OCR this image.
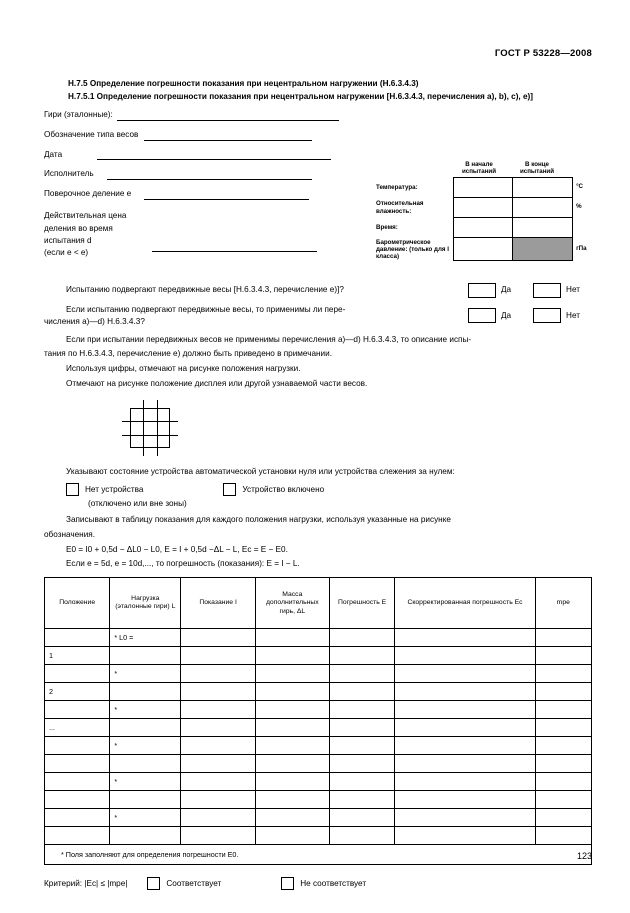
ГОСТ Р 53228—2008
Н.7.5 Определение погрешности показания при нецентральном нагружении (Н.6.3.4.3)
Н.7.5.1 Определение погрешности показания при нецентральном нагружении [Н.6.3.4.3, перечисления а), b), с), е)]
Гири (эталонные):
Обозначение типа весов
Дата
Исполнитель
Поверочное деление e
Действительная цена
деления во время
испытания d
(если e < e)
В начале испытаний
В конце испытаний
Температура:			°С
Относительная влажность:			%
Время:			
Барометрическое давление: (только для I класса)			гПа
Испытанию подвергают передвижные весы [Н.6.3.4.3, перечисление е)]?	Да	Нет
Если испытанию подвергают передвижные весы, то применимы ли пере-
числения а)—d) Н.6.3.4.3?
Да	Нет
Если при испытании передвижных весов не применимы перечисления а)—d) Н.6.3.4.3, то описание испы-
тания по Н.6.3.4.3, перечисление е) должно быть приведено в примечании.
Используя цифры, отмечают на рисунке положения нагрузки.
Отмечают на рисунке положение дисплея или другой узнаваемой части весов.
Указывают состояние устройства автоматической установки нуля или устройства слежения за нулем:
Нет устройства	Устройство включено
(отключено или вне зоны)
Записывают в таблицу показания для каждого положения нагрузки, используя указанные на рисунке
обозначения.
E0 = I0 + 0,5d − ΔL0 − L0, E = I + 0,5d −ΔL − L, Ec = E − E0.
Если e = 5d, e = 10d,..., то погрешность (показания): E = I − L.
Положение	Нагрузка (эталонные гири) L	Показание I	Масса дополнительных гирь, ΔL	Погрешность E	Скорректированная погрешность Eс	mpe
	* L0 =					
1						
	*					
2						
	*					
...						
	*					

	*					

	*					

* Поля заполняют для определения погрешности E0.						
Критерий: |Eс| ≤ |mpe|	Соответствует	Не соответствует
123
